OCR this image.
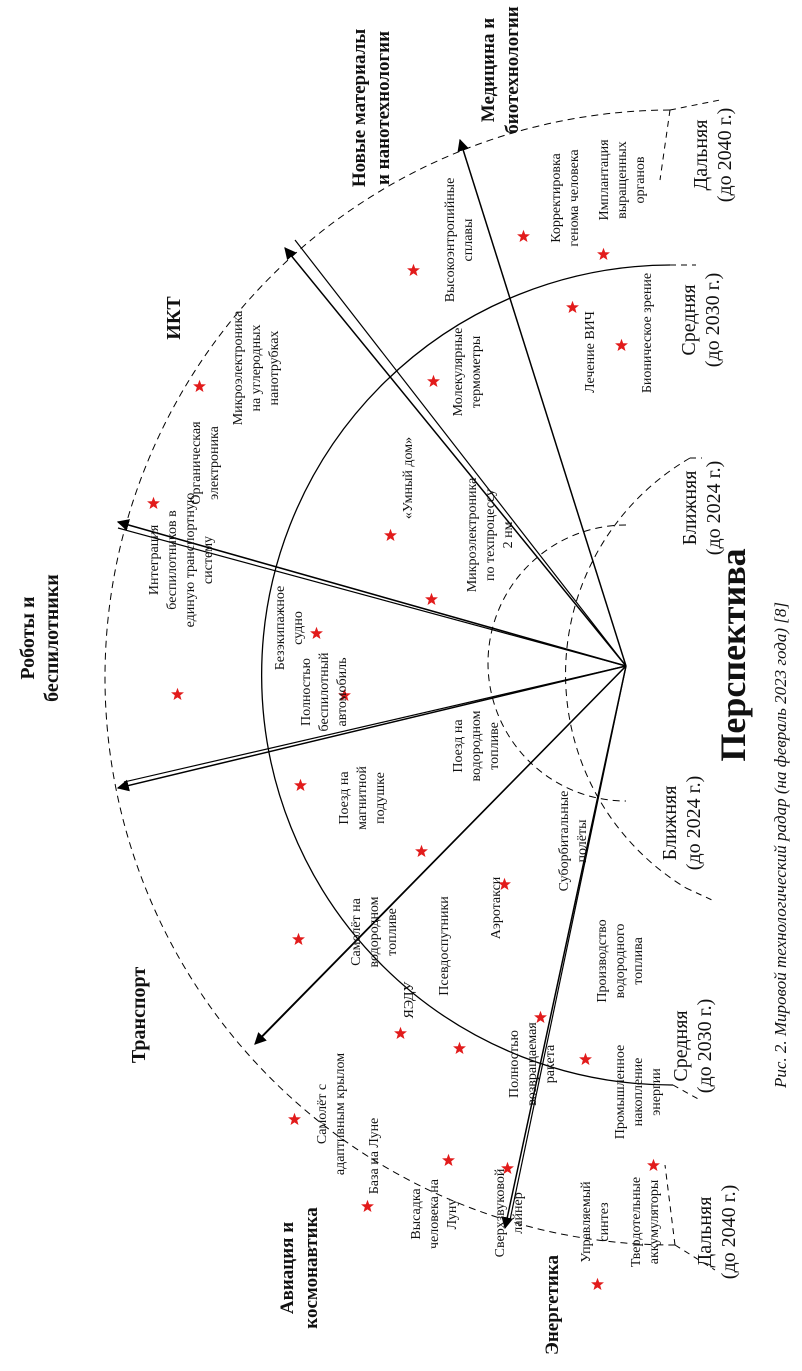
Рис. 2. Мировой технологический радар (на февраль 2023 года) [8]
Перспектива
Дальняя (до 2040 г.)
Средняя (до 2030 г.)
Ближняя (до 2024 г.)
Ближняя (до 2024 г.)
Средняя (до 2030 г.)
Дальняя (до 2040 г.)
Медицина и биотехнологии
Новые материалы и нанотехнологии
ИКТ
Роботы и беспилотники
Транспорт
Авиация и космонавтика	Энергетика
Корректировка генома человека Имплантация выращенных органов
Лечение ВИЧ	Бионическое зрение
Высокоэнтропийные сплавы
Молекулярные термометры
Микроэлектроника по техпроцессу 2 нм
«Умный дом»
Органическая электроника
Микроэлектроника на углеродных нанотрубках
Интеграция беспилотников в единую транспортную систему
Безэкипажное судно
Полностью беспилотный автомобиль
Поезд на водородном топливе
Поезд на магнитной подушке
Самолёт на водородном топливе
ЯЭДУ
Псевдоспутники	Аэротакси
Суборбитальные полёты
Полностью возвращаемая ракета
Самолёт с адаптивным крылом База на Луне
Высадка человека на Луну Сверхзвуковой лайнер
Производство водородного топлива
Промышленное накопление энергии
Управляемый синтез Твердотельные аккумуляторы
